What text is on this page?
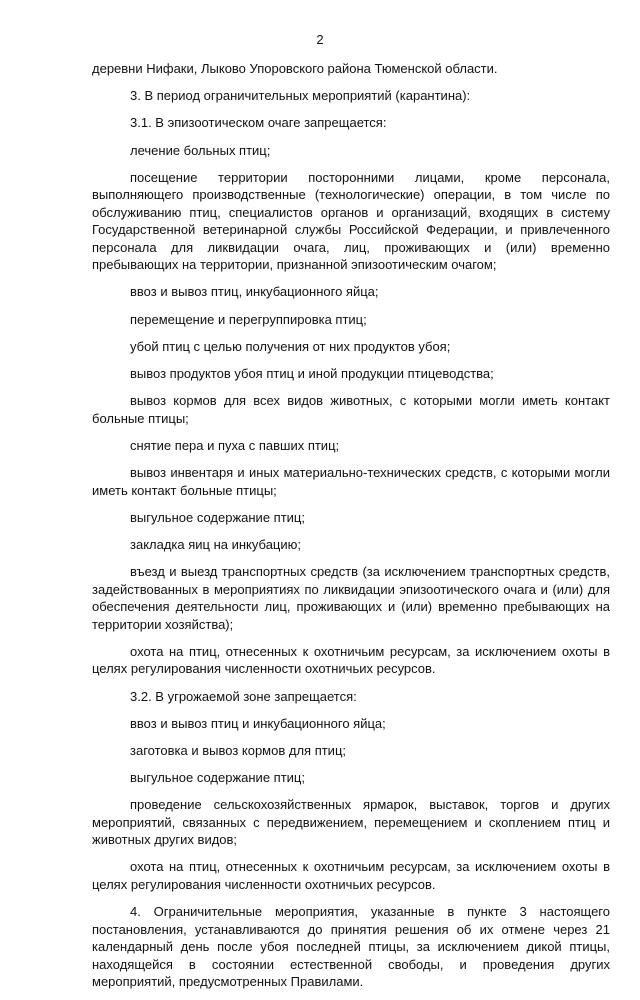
2

деревни Нифаки, Лыково Упоровского района Тюменской области.

3. В период ограничительных мероприятий (карантина):

3.1. В эпизоотическом очаге запрещается:

лечение больных птиц;

посещение территории посторонними лицами, кроме персонала, выполняющего производственные (технологические) операции, в том числе по обслуживанию птиц, специалистов органов и организаций, входящих в систему Государственной ветеринарной службы Российской Федерации, и привлеченного персонала для ликвидации очага, лиц, проживающих и (или) временно пребывающих на территории, признанной эпизоотическим очагом;

ввоз и вывоз птиц, инкубационного яйца;

перемещение и перегруппировка птиц;

убой птиц с целью получения от них продуктов убоя;

вывоз продуктов убоя птиц и иной продукции птицеводства;

вывоз кормов для всех видов животных, с которыми могли иметь контакт больные птицы;

снятие пера и пуха с павших птиц;

вывоз инвентаря и иных материально-технических средств, с которыми могли иметь контакт больные птицы;

выгульное содержание птиц;

закладка яиц на инкубацию;

въезд и выезд транспортных средств (за исключением транспортных средств, задействованных в мероприятиях по ликвидации эпизоотического очага и (или) для обеспечения деятельности лиц, проживающих и (или) временно пребывающих на территории хозяйства);

охота на птиц, отнесенных к охотничьим ресурсам, за исключением охоты в целях регулирования численности охотничьих ресурсов.

3.2. В угрожаемой зоне запрещается:

ввоз и вывоз птиц и инкубационного яйца;

заготовка и вывоз кормов для птиц;

выгульное содержание птиц;

проведение сельскохозяйственных ярмарок, выставок, торгов и других мероприятий, связанных с передвижением, перемещением и скоплением птиц и животных других видов;

охота на птиц, отнесенных к охотничьим ресурсам, за исключением охоты в целях регулирования численности охотничьих ресурсов.

4. Ограничительные мероприятия, указанные в пункте 3 настоящего постановления, устанавливаются до принятия решения об их отмене через 21 календарный день после убоя последней птицы, за исключением дикой птицы, находящейся в состоянии естественной свободы, и проведения других мероприятий, предусмотренных Правилами.
